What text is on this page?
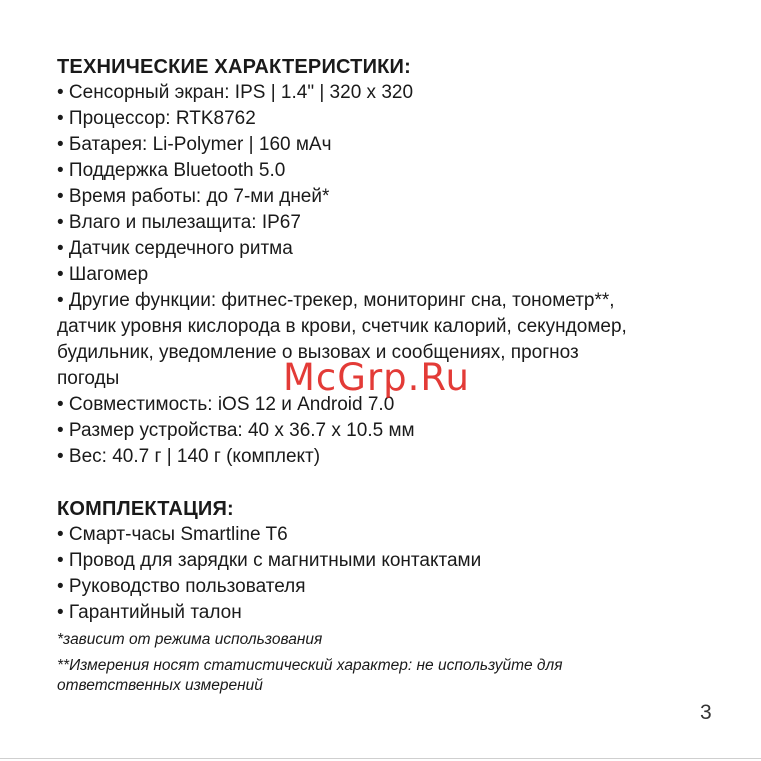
ТЕХНИЧЕСКИЕ ХАРАКТЕРИСТИКИ:

• Сенсорный экран: IPS | 1.4" | 320 x 320

• Процессор: RTK8762

• Батарея: Li-Polymer | 160 мАч

• Поддержка Bluetooth 5.0

• Время работы: до 7-ми дней*

• Влаго и пылезащита: IP67

• Датчик сердечного ритма

• Шагомер

• Другие функции: фитнес-трекер, мониторинг сна, тонометр**,

датчик уровня кислорода в крови, счетчик калорий, секундомер,

будильник, уведомление о вызовах и сообщениях, прогноз

погоды

• Совместимость: iOS 12 и Android 7.0

• Размер устройства: 40 х 36.7 х 10.5 мм

• Вес: 40.7 г | 140 г (комплект)

КОМПЛЕКТАЦИЯ:

• Смарт-часы Smartline T6

• Провод для зарядки с магнитными контактами

• Руководство пользователя

• Гарантийный талон

*зависит от режима использования

**Измерения носят статистический характер: не используйте для

ответственных измерений

McGrp.Ru
3
